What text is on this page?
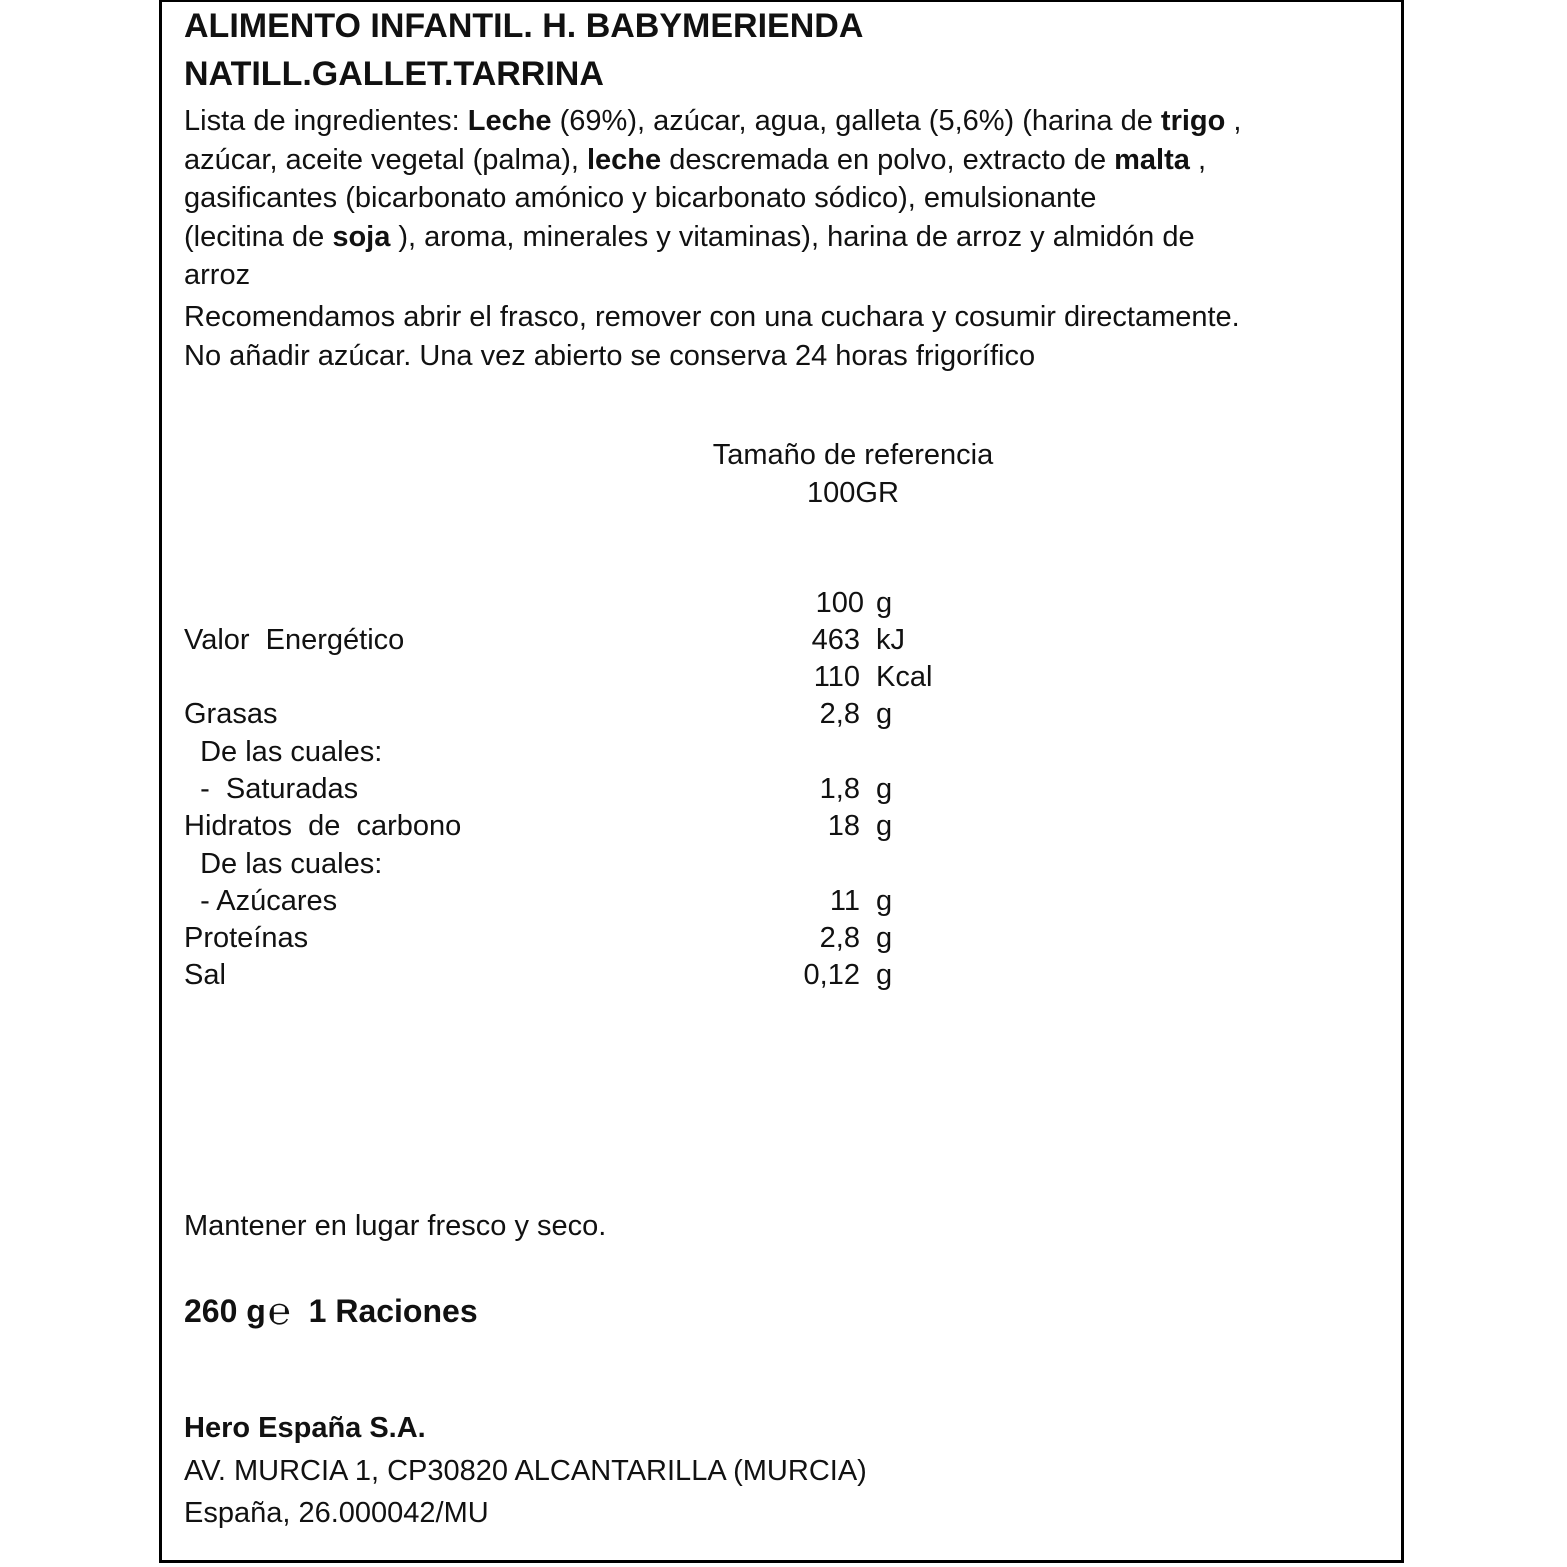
ALIMENTO INFANTIL. H. BABYMERIENDA
NATILL.GALLET.TARRINA
Lista de ingredientes: Leche (69%), azúcar, agua, galleta (5,6%) (harina de trigo ,
azúcar, aceite vegetal (palma), leche descremada en polvo, extracto de malta ,
gasificantes (bicarbonato amónico y bicarbonato sódico), emulsionante
(lecitina de soja ), aroma, minerales y vitaminas), harina de arroz y almidón de
arroz
Recomendamos abrir el frasco, remover con una cuchara y cosumir directamente.
No añadir azúcar. Una vez abierto se conserva 24 horas frigorífico
Tamaño de referencia
100GR
100 g
Valor  Energético	463 kJ
110 Kcal
Grasas	2,8 g
De las cuales:
-  Saturadas	1,8 g
Hidratos  de  carbono	18 g
De las cuales:
- Azúcares	11 g
Proteínas	2,8 g
Sal	0,12 g
Mantener en lugar fresco y seco.
260 g℮ 1 Raciones
Hero España S.A.
AV. MURCIA 1, CP30820 ALCANTARILLA (MURCIA)
España, 26.000042/MU
